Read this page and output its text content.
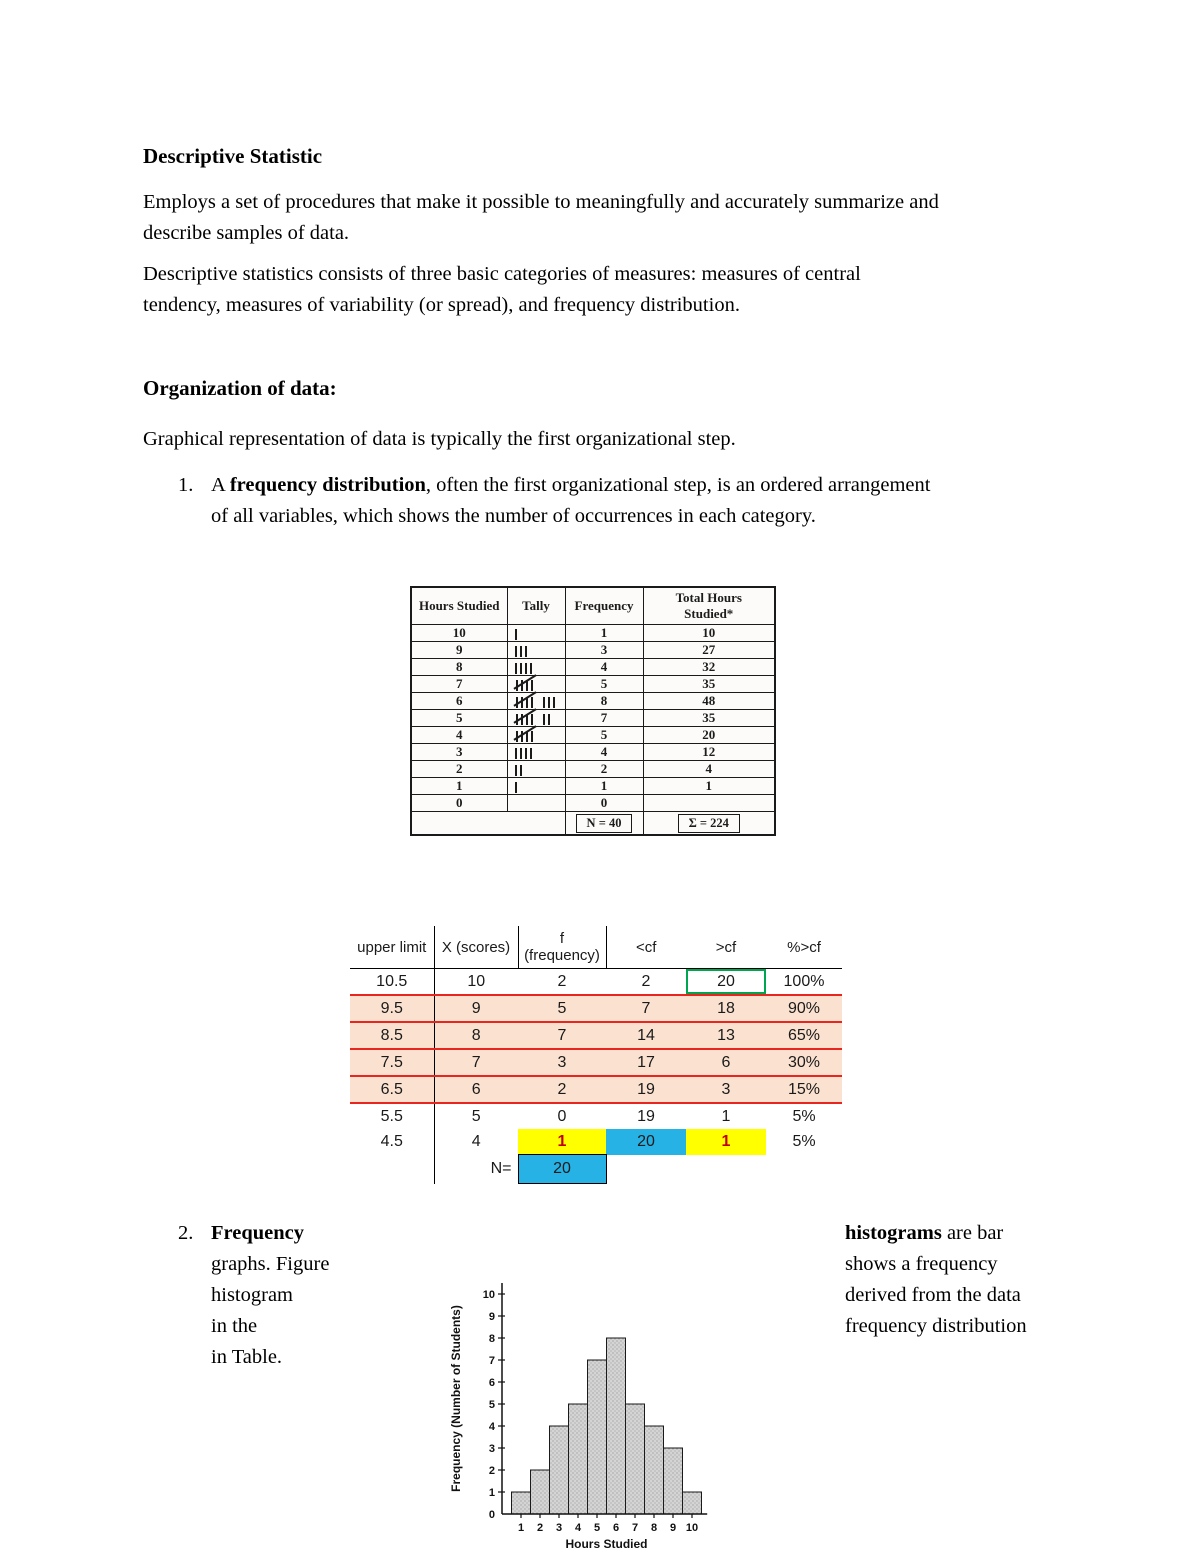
Descriptive Statistic
Employs a set of procedures that make it possible to meaningfully and accurately summarize and
describe samples of data.
Descriptive statistics consists of three basic categories of measures: measures of central
tendency, measures of variability (or spread), and frequency distribution.
Organization of data:
Graphical representation of data is typically the first organizational step.
1. A frequency distribution, often the first organizational step, is an ordered arrangement
of all variables, which shows the number of occurrences in each category.
Hours Studied	Tally	Frequency	Total Hours Studied*
10		1	10
9		3	27
8		4	32
7		5	35
6		8	48
5		7	35
4		5	20
3		4	12
2		2	4
1		1	1
0		0	
		N = 40	Σ = 224
upper limit	X (scores)	f (frequency)	<cf	>cf	%>cf
10.5	10	2	2	20	100%
9.5	9	5	7	18	90%
8.5	8	7	14	13	65%
7.5	7	3	17	6	30%
6.5	6	2	19	3	15%
5.5	5	0	19	1	5%
4.5	4	1	20	1	5%
	N=	20			
2. Frequency
graphs. Figure
histogram
in the
in Table.
histograms are bar
shows a frequency
derived from the data
frequency distribution
0
1
2
3
4
5
6
7
8
9
10
1 2 3 4 5 6 7 8 9 10
Hours Studied
Frequency (Number of Students)
